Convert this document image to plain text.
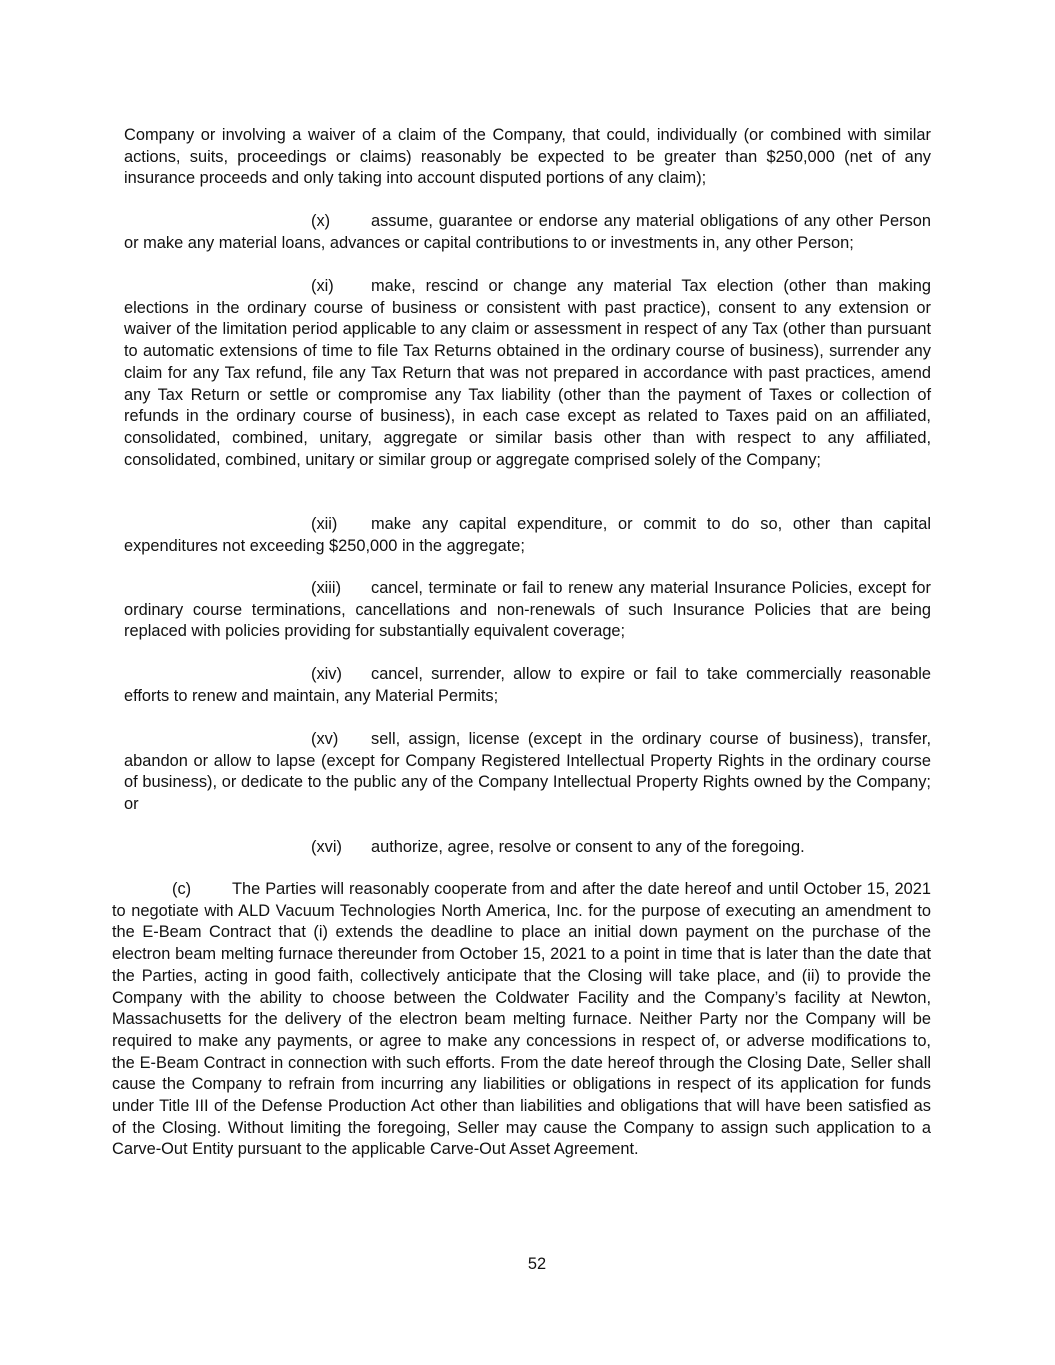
Company or involving a waiver of a claim of the Company, that could, individually (or combined with similar actions, suits, proceedings or claims) reasonably be expected to be greater than $250,000 (net of any insurance proceeds and only taking into account disputed portions of any claim);

(x) assume, guarantee or endorse any material obligations of any other Person or make any material loans, advances or capital contributions to or investments in, any other Person;

(xi) make, rescind or change any material Tax election (other than making elections in the ordinary course of business or consistent with past practice), consent to any extension or waiver of the limitation period applicable to any claim or assessment in respect of any Tax (other than pursuant to automatic extensions of time to file Tax Returns obtained in the ordinary course of business), surrender any claim for any Tax refund, file any Tax Return that was not prepared in accordance with past practices, amend any Tax Return or settle or compromise any Tax liability (other than the payment of Taxes or collection of refunds in the ordinary course of business), in each case except as related to Taxes paid on an affiliated, consolidated, combined, unitary, aggregate or similar basis other than with respect to any affiliated, consolidated, combined, unitary or similar group or aggregate comprised solely of the Company;

(xii) make any capital expenditure, or commit to do so, other than capital expenditures not exceeding $250,000 in the aggregate;

(xiii) cancel, terminate or fail to renew any material Insurance Policies, except for ordinary course terminations, cancellations and non-renewals of such Insurance Policies that are being replaced with policies providing for substantially equivalent coverage;

(xiv) cancel, surrender, allow to expire or fail to take commercially reasonable efforts to renew and maintain, any Material Permits;

(xv) sell, assign, license (except in the ordinary course of business), transfer, abandon or allow to lapse (except for Company Registered Intellectual Property Rights in the ordinary course of business), or dedicate to the public any of the Company Intellectual Property Rights owned by the Company; or

(xvi) authorize, agree, resolve or consent to any of the foregoing.

(c) The Parties will reasonably cooperate from and after the date hereof and until October 15, 2021 to negotiate with ALD Vacuum Technologies North America, Inc. for the purpose of executing an amendment to the E-Beam Contract that (i) extends the deadline to place an initial down payment on the purchase of the electron beam melting furnace thereunder from October 15, 2021 to a point in time that is later than the date that the Parties, acting in good faith, collectively anticipate that the Closing will take place, and (ii) to provide the Company with the ability to choose between the Coldwater Facility and the Company’s facility at Newton, Massachusetts for the delivery of the electron beam melting furnace. Neither Party nor the Company will be required to make any payments, or agree to make any concessions in respect of, or adverse modifications to, the E-Beam Contract in connection with such efforts. From the date hereof through the Closing Date, Seller shall cause the Company to refrain from incurring any liabilities or obligations in respect of its application for funds under Title III of the Defense Production Act other than liabilities and obligations that will have been satisfied as of the Closing. Without limiting the foregoing, Seller may cause the Company to assign such application to a Carve-Out Entity pursuant to the applicable Carve-Out Asset Agreement.

52
